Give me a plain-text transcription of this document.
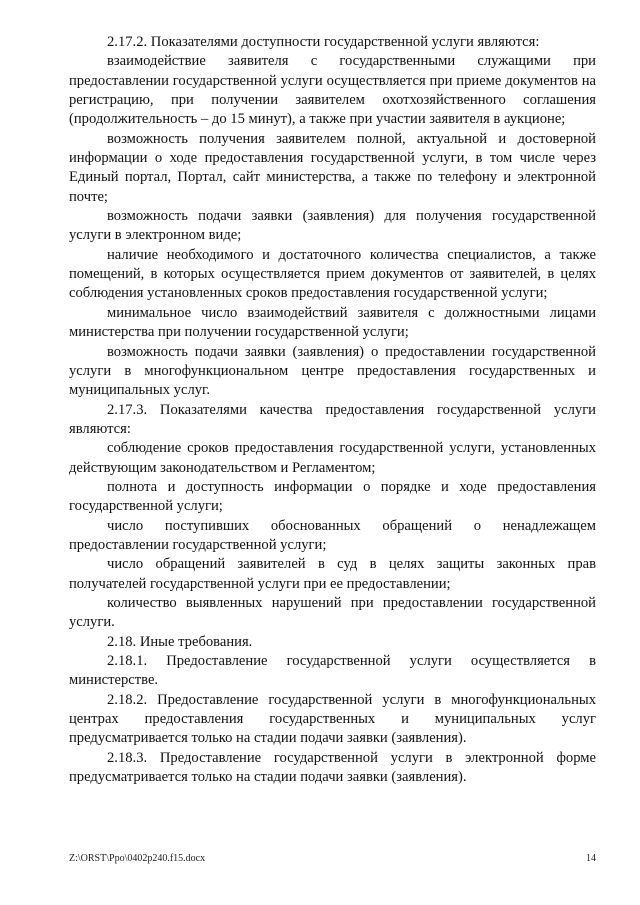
2.17.2. Показателями доступности государственной услуги являются:

взаимодействие заявителя с государственными служащими при предоставлении государственной услуги осуществляется при приеме документов на регистрацию, при получении заявителем охотхозяйственного соглашения (продолжительность – до 15 минут), а также при участии заявителя в аукционе;

возможность получения заявителем полной, актуальной и достоверной информации о ходе предоставления государственной услуги, в том числе через Единый портал, Портал, сайт министерства, а также по телефону и электронной почте;

возможность подачи заявки (заявления) для получения государственной услуги в электронном виде;

наличие необходимого и достаточного количества специалистов, а также помещений, в которых осуществляется прием документов от заявителей, в целях соблюдения установленных сроков предоставления государственной услуги;

минимальное число взаимодействий заявителя с должностными лицами министерства при получении государственной услуги;

возможность подачи заявки (заявления) о предоставлении государственной услуги в многофункциональном центре предоставления государственных и муниципальных услуг.

2.17.3. Показателями качества предоставления государственной услуги являются:

соблюдение сроков предоставления государственной услуги, установленных действующим законодательством и Регламентом;

полнота и доступность информации о порядке и ходе предоставления государственной услуги;

число поступивших обоснованных обращений о ненадлежащем предоставлении государственной услуги;

число обращений заявителей в суд в целях защиты законных прав получателей государственной услуги при ее предоставлении;

количество выявленных нарушений при предоставлении государственной услуги.

2.18. Иные требования.

2.18.1. Предоставление государственной услуги осуществляется в министерстве.

2.18.2. Предоставление государственной услуги в многофункциональных центрах предоставления государственных и муниципальных услуг предусматривается только на стадии подачи заявки (заявления).

2.18.3. Предоставление государственной услуги в электронной форме предусматривается только на стадии подачи заявки (заявления).

Z:\ORST\Ppo\0402p240.f15.docx	14
